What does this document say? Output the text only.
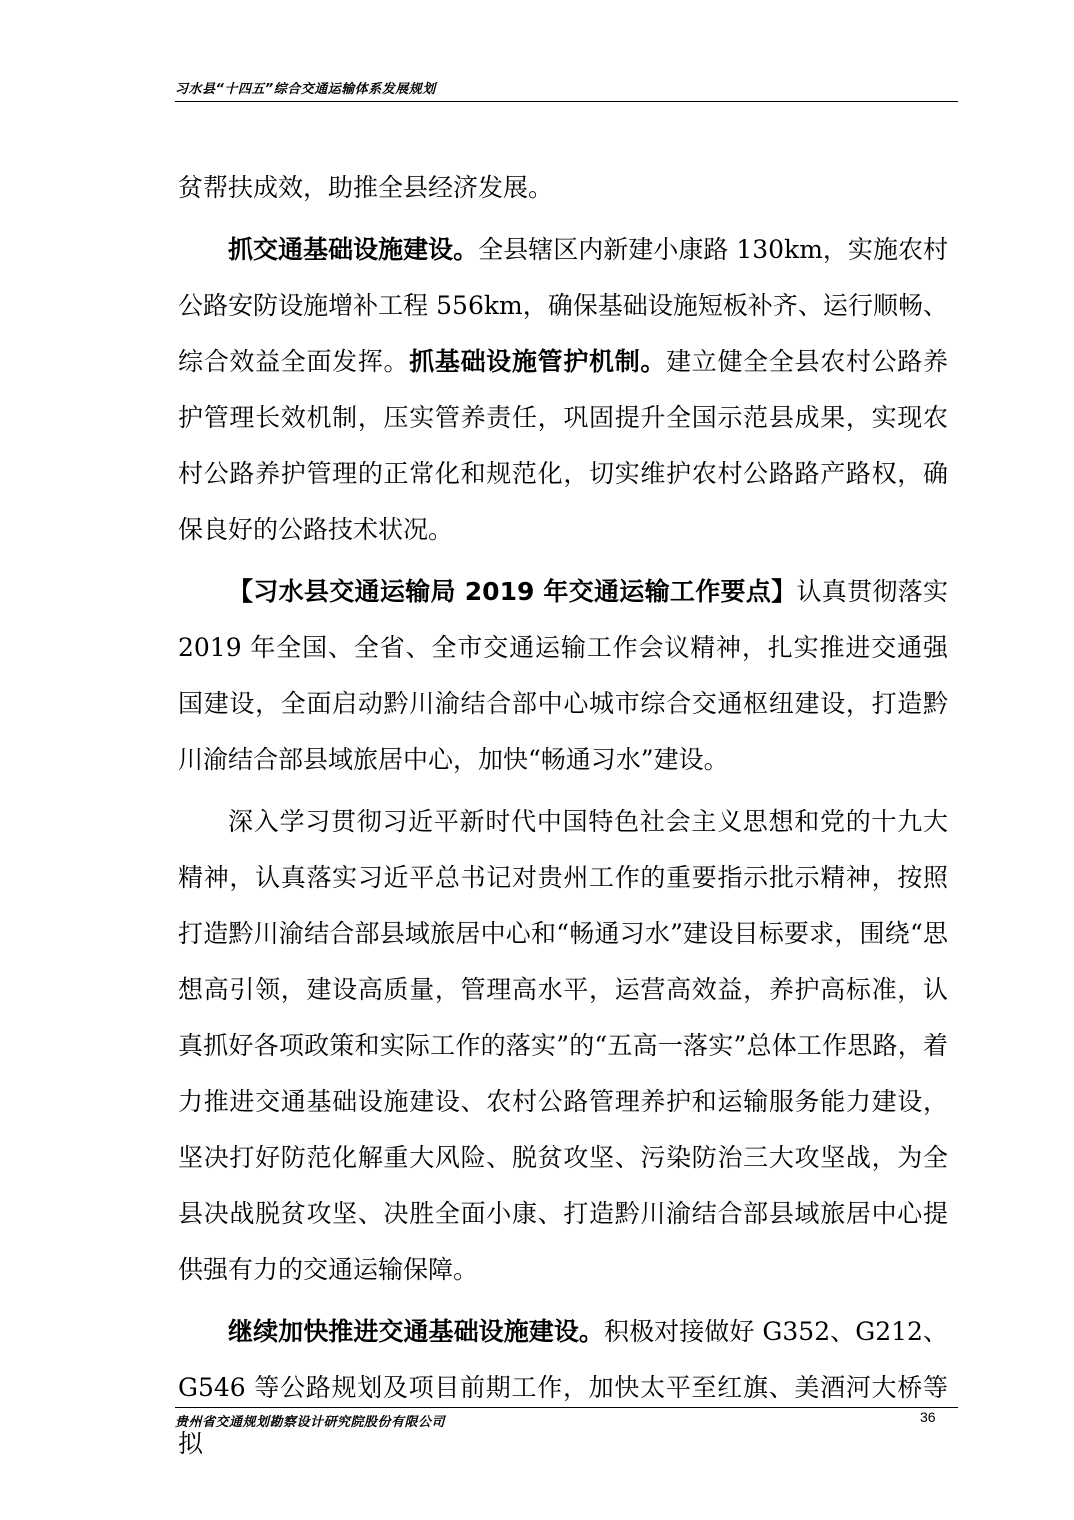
习水县“十四五”综合交通运输体系发展规划

贫帮扶成效，助推全县经济发展。

抓交通基础设施建设。全县辖区内新建小康路 130km，实施农村公路安防设施增补工程 556km，确保基础设施短板补齐、运行顺畅、综合效益全面发挥。抓基础设施管护机制。建立健全全县农村公路养护管理长效机制，压实管养责任，巩固提升全国示范县成果，实现农村公路养护管理的正常化和规范化，切实维护农村公路路产路权，确保良好的公路技术状况。

【习水县交通运输局 2019 年交通运输工作要点】认真贯彻落实 2019 年全国、全省、全市交通运输工作会议精神，扎实推进交通强国建设，全面启动黔川渝结合部中心城市综合交通枢纽建设，打造黔川渝结合部县域旅居中心，加快“畅通习水”建设。

深入学习贯彻习近平新时代中国特色社会主义思想和党的十九大精神，认真落实习近平总书记对贵州工作的重要指示批示精神，按照打造黔川渝结合部县域旅居中心和“畅通习水”建设目标要求，围绕“思想高引领，建设高质量，管理高水平，运营高效益，养护高标准，认真抓好各项政策和实际工作的落实”的“五高一落实”总体工作思路，着力推进交通基础设施建设、农村公路管理养护和运输服务能力建设，坚决打好防范化解重大风险、脱贫攻坚、污染防治三大攻坚战，为全县决战脱贫攻坚、决胜全面小康、打造黔川渝结合部县域旅居中心提供强有力的交通运输保障。

继续加快推进交通基础设施建设。积极对接做好 G352、G212、G546 等公路规划及项目前期工作，加快太平至红旗、美酒河大桥等拟

贵州省交通规划勘察设计研究院股份有限公司	36
